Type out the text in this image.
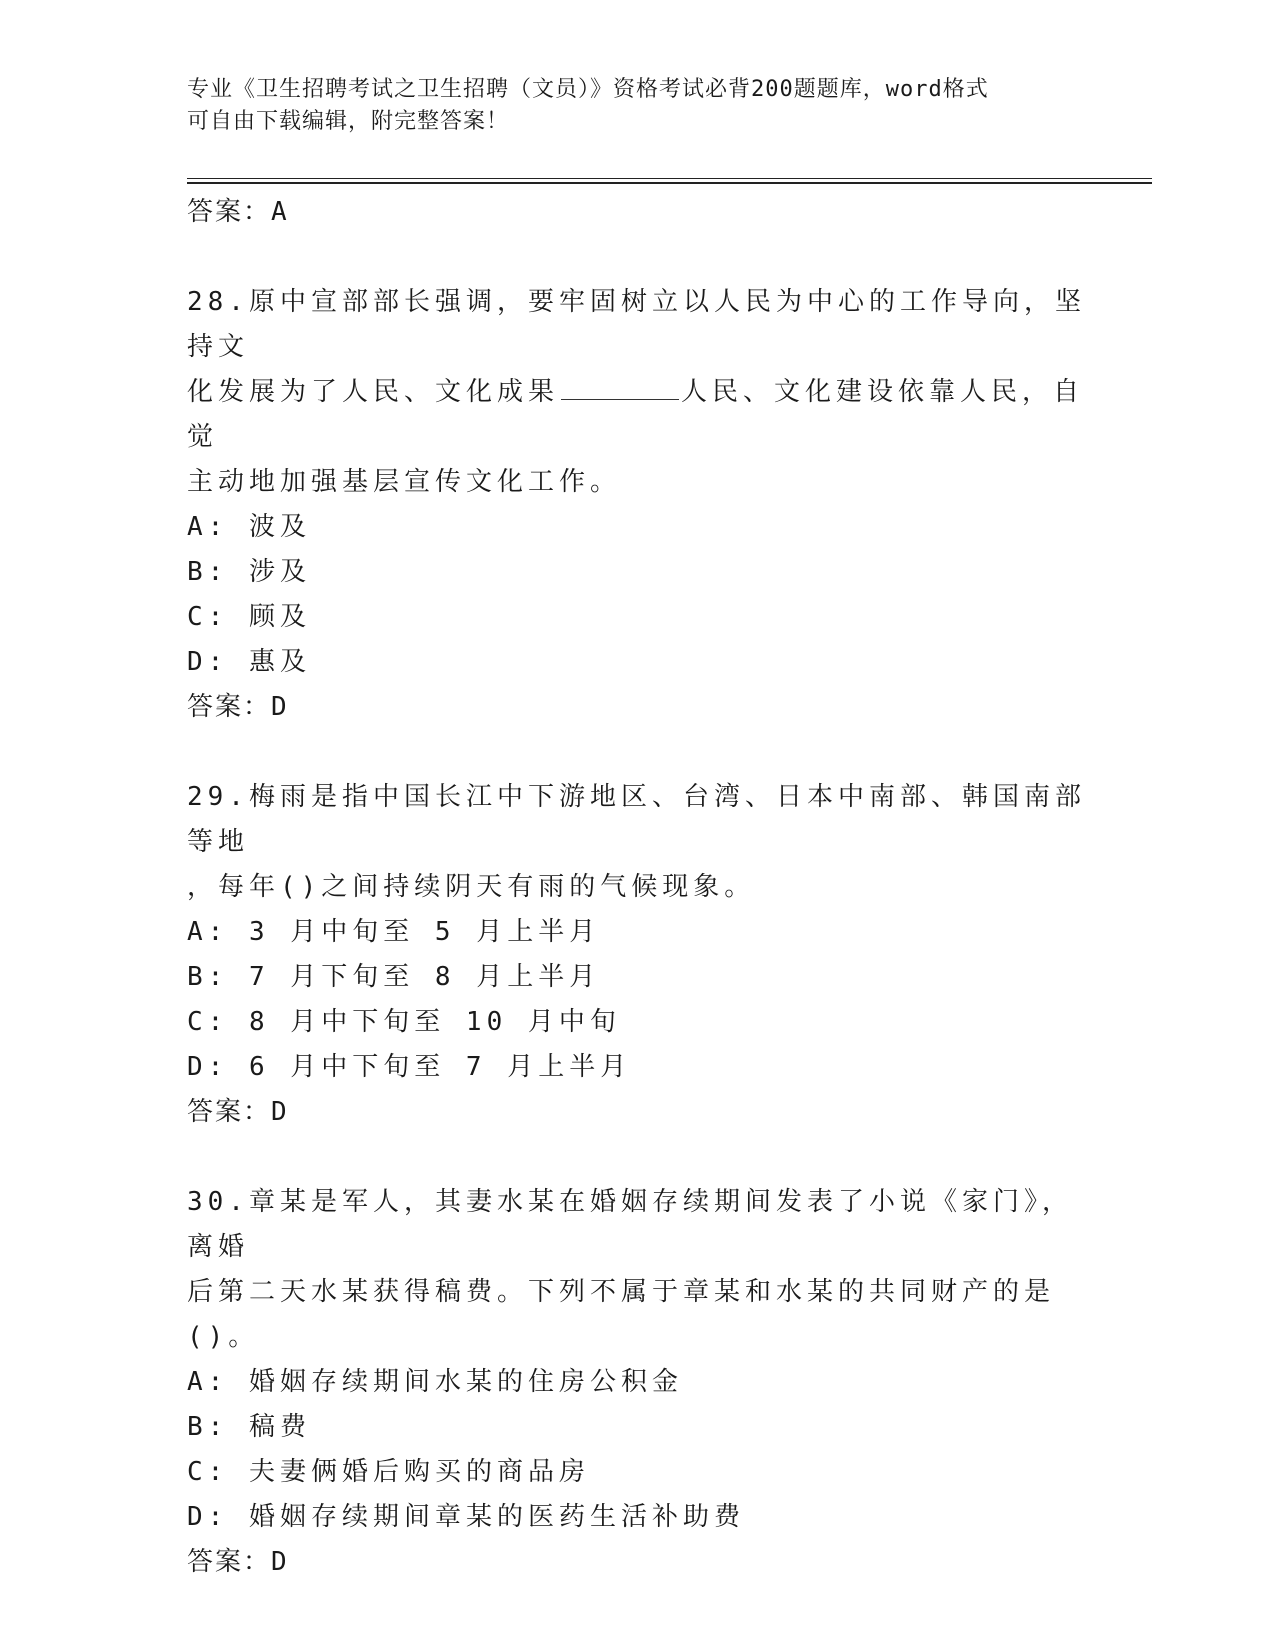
专业《卫生招聘考试之卫生招聘（文员）》资格考试必背200题题库，word格式
可自由下载编辑，附完整答案！
答案：A
28.原中宣部部长强调，要牢固树立以人民为中心的工作导向，坚持文
化发展为了人民、文化成果	人民、文化建设依靠人民，自觉
主动地加强基层宣传文化工作。
A: 波及
B: 涉及
C: 顾及
D: 惠及
答案：D
29.梅雨是指中国长江中下游地区、台湾、日本中南部、韩国南部等地
，每年()之间持续阴天有雨的气候现象。
A: 3 月中旬至 5 月上半月
B: 7 月下旬至 8 月上半月
C: 8 月中下旬至 10 月中旬
D: 6 月中下旬至 7 月上半月
答案：D
30.章某是军人，其妻水某在婚姻存续期间发表了小说《家门》，离婚
后第二天水某获得稿费。下列不属于章某和水某的共同财产的是()。
A: 婚姻存续期间水某的住房公积金
B: 稿费
C: 夫妻俩婚后购买的商品房
D: 婚姻存续期间章某的医药生活补助费
答案：D
